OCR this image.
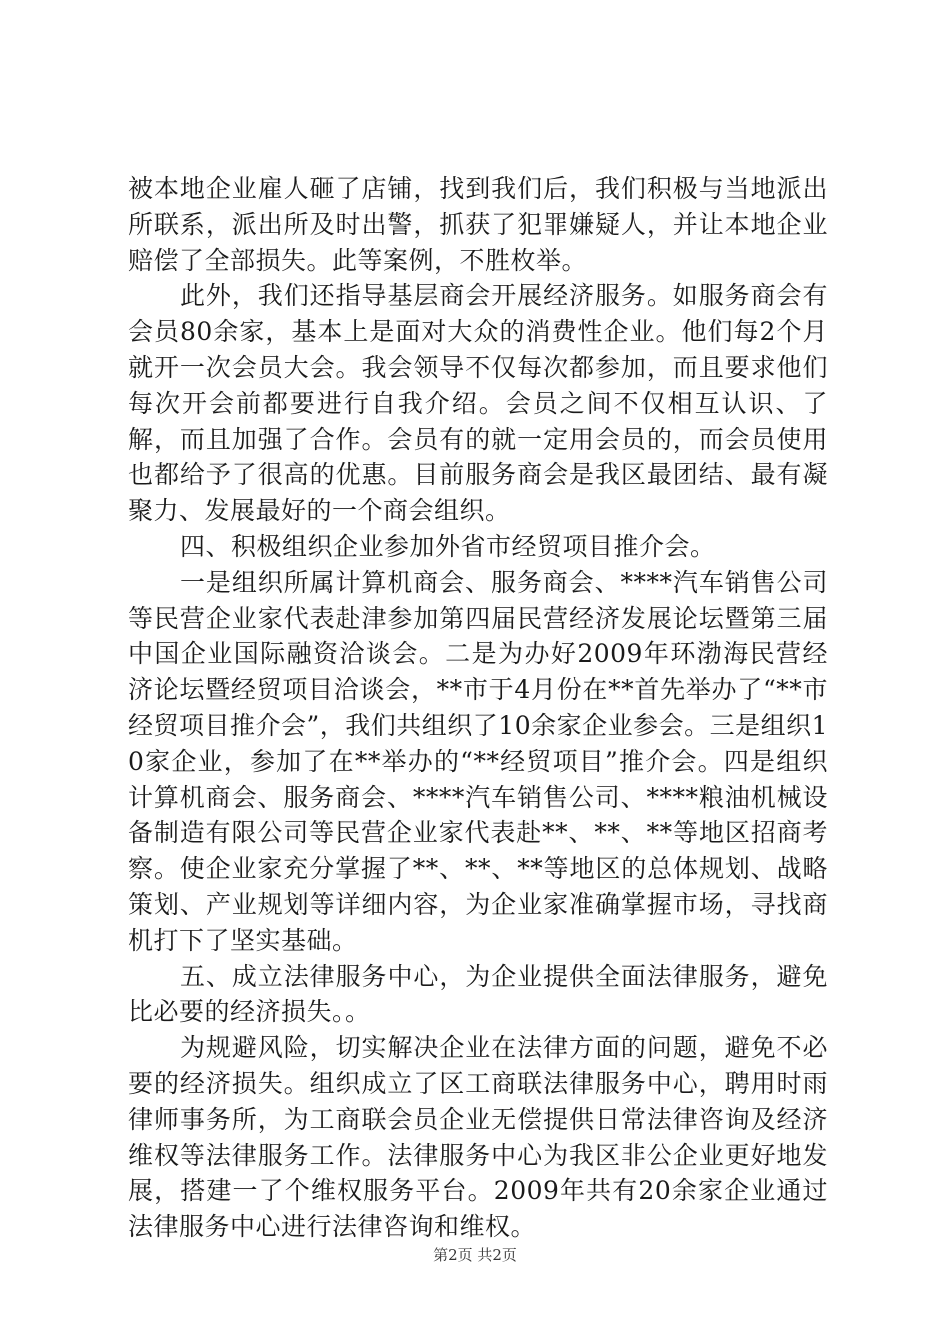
被本地企业雇人砸了店铺，找到我们后，我们积极与当地派出所联系，派出所及时出警，抓获了犯罪嫌疑人，并让本地企业赔偿了全部损失。此等案例，不胜枚举。

此外，我们还指导基层商会开展经济服务。如服务商会有会员80余家，基本上是面对大众的消费性企业。他们每2个月就开一次会员大会。我会领导不仅每次都参加，而且要求他们每次开会前都要进行自我介绍。会员之间不仅相互认识、了解，而且加强了合作。会员有的就一定用会员的，而会员使用也都给予了很高的优惠。目前服务商会是我区最团结、最有凝聚力、发展最好的一个商会组织。

四、积极组织企业参加外省市经贸项目推介会。

一是组织所属计算机商会、服务商会、****汽车销售公司等民营企业家代表赴津参加第四届民营经济发展论坛暨第三届中国企业国际融资洽谈会。二是为办好2009年环渤海民营经济论坛暨经贸项目洽谈会，**市于4月份在**首先举办了“**市经贸项目推介会”，我们共组织了10余家企业参会。三是组织10家企业，参加了在**举办的“**经贸项目”推介会。四是组织计算机商会、服务商会、****汽车销售公司、****粮油机械设备制造有限公司等民营企业家代表赴**、**、**等地区招商考察。使企业家充分掌握了**、**、**等地区的总体规划、战略策划、产业规划等详细内容，为企业家准确掌握市场，寻找商机打下了坚实基础。

五、成立法律服务中心，为企业提供全面法律服务，避免比必要的经济损失。。

为规避风险，切实解决企业在法律方面的问题，避免不必要的经济损失。组织成立了区工商联法律服务中心，聘用时雨律师事务所，为工商联会员企业无偿提供日常法律咨询及经济维权等法律服务工作。法律服务中心为我区非公企业更好地发展，搭建一了个维权服务平台。2009年共有20余家企业通过法律服务中心进行法律咨询和维权。

第2页 共2页
